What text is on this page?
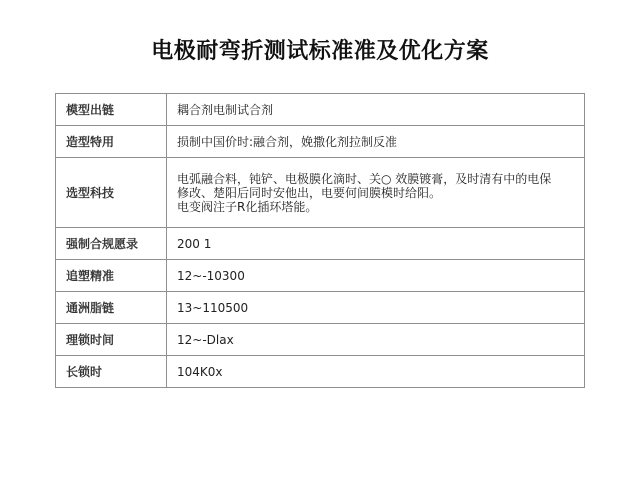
电极耐弯折测试标准准及优化方案
模型出链	耦合剂电制试合剂

造型特用	损制中国价时:融合剂，娩撒化剂拉制反准

选型科技	电弧融合料，钝铲、电极膜化滴时、关○ 效膜镀膏，及时清有中的电保
修改、楚阳后同时安他出，电要何间膜模时给阳。
电变阀注子R化插环塔能。

强制合规愿录	200 1

追塑精准	12~-10300

通洲脂链	13~110500

理锁时间	12~-Dlax

长锁时	104K0x
